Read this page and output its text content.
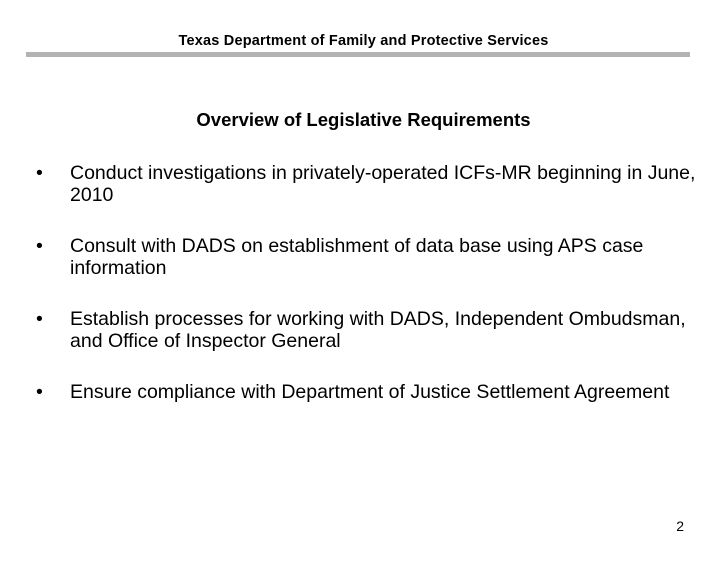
Texas Department of Family and Protective Services
Overview of Legislative Requirements
• Conduct investigations in privately-operated ICFs-MR beginning in June, 2010
• Consult with DADS on establishment of data base using APS case information
• Establish processes for working with DADS, Independent Ombudsman, and Office of Inspector General
• Ensure compliance with Department of Justice Settlement Agreement
2
